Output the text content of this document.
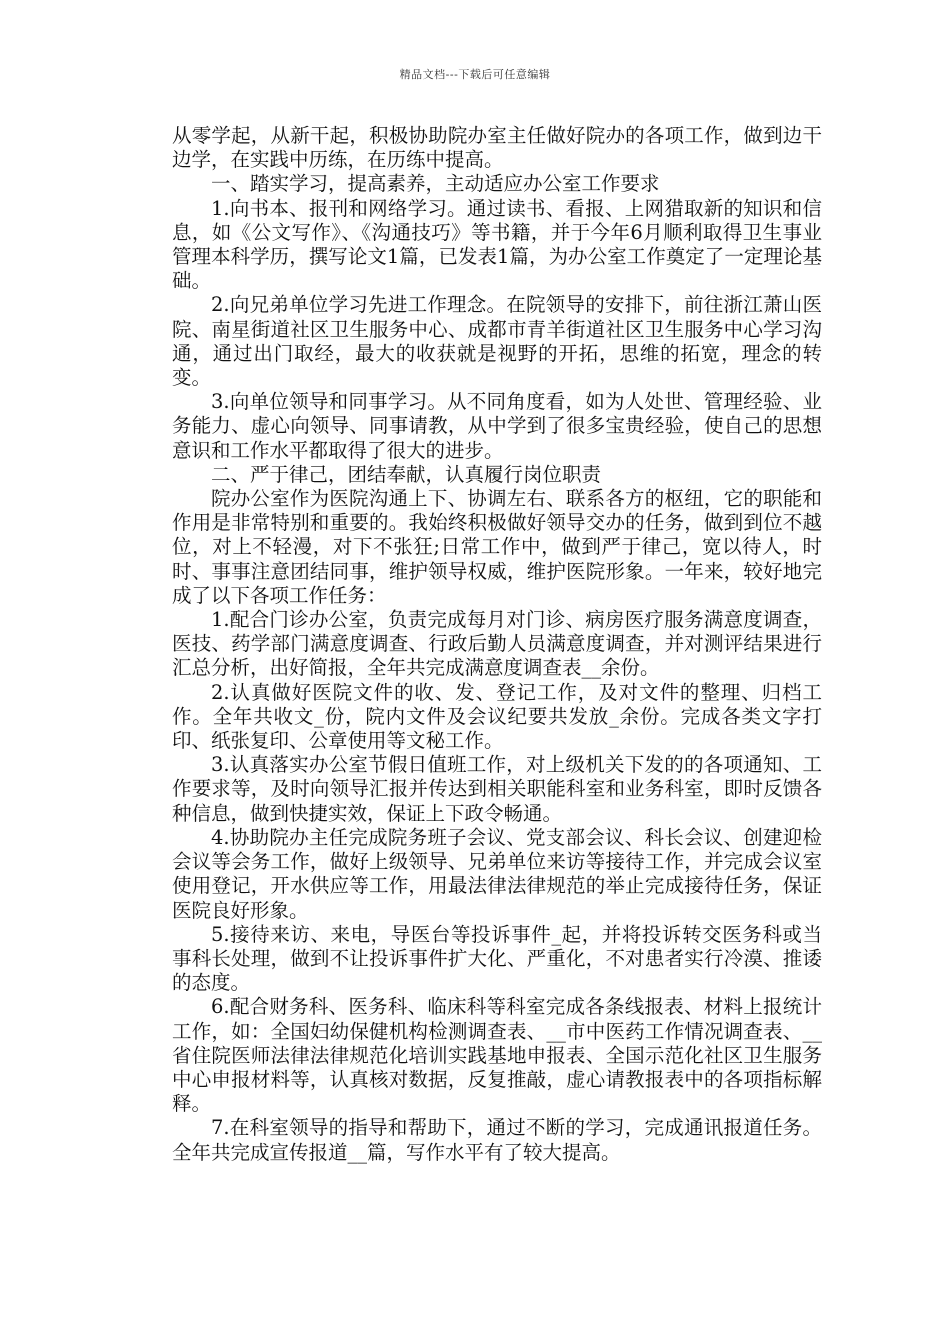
精品文档---下载后可任意编辑

从零学起，从新干起，积极协助院办室主任做好院办的各项工作，做到边干边学，在实践中历练，在历练中提高。

一、踏实学习，提高素养，主动适应办公室工作要求

1.向书本、报刊和网络学习。通过读书、看报、上网猎取新的知识和信息，如《公文写作》、《沟通技巧》等书籍，并于今年6月顺利取得卫生事业管理本科学历，撰写论文1篇，已发表1篇，为办公室工作奠定了一定理论基础。

2.向兄弟单位学习先进工作理念。在院领导的安排下，前往浙江萧山医院、南星街道社区卫生服务中心、成都市青羊街道社区卫生服务中心学习沟通，通过出门取经，最大的收获就是视野的开拓，思维的拓宽，理念的转变。

3.向单位领导和同事学习。从不同角度看，如为人处世、管理经验、业务能力、虚心向领导、同事请教，从中学到了很多宝贵经验，使自己的思想意识和工作水平都取得了很大的进步。

二、严于律己，团结奉献，认真履行岗位职责

院办公室作为医院沟通上下、协调左右、联系各方的枢纽，它的职能和作用是非常特别和重要的。我始终积极做好领导交办的任务，做到到位不越位，对上不轻漫，对下不张狂;日常工作中，做到严于律己，宽以待人，时时、事事注意团结同事，维护领导权威，维护医院形象。一年来，较好地完成了以下各项工作任务：

1.配合门诊办公室，负责完成每月对门诊、病房医疗服务满意度调查，医技、药学部门满意度调查、行政后勤人员满意度调查，并对测评结果进行汇总分析，出好简报，全年共完成满意度调查表__余份。

2.认真做好医院文件的收、发、登记工作，及对文件的整理、归档工作。全年共收文_份，院内文件及会议纪要共发放_余份。完成各类文字打印、纸张复印、公章使用等文秘工作。

3.认真落实办公室节假日值班工作，对上级机关下发的的各项通知、工作要求等，及时向领导汇报并传达到相关职能科室和业务科室，即时反馈各种信息，做到快捷实效，保证上下政令畅通。

4.协助院办主任完成院务班子会议、党支部会议、科长会议、创建迎检会议等会务工作，做好上级领导、兄弟单位来访等接待工作，并完成会议室使用登记，开水供应等工作，用最法律法律规范的举止完成接待任务，保证医院良好形象。

5.接待来访、来电，导医台等投诉事件_起，并将投诉转交医务科或当事科长处理，做到不让投诉事件扩大化、严重化，不对患者实行冷漠、推诿的态度。

6.配合财务科、医务科、临床科等科室完成各条线报表、材料上报统计工作，如：全国妇幼保健机构检测调查表、__市中医药工作情况调查表、__省住院医师法律法律规范化培训实践基地申报表、全国示范化社区卫生服务中心申报材料等，认真核对数据，反复推敲，虚心请教报表中的各项指标解释。

7.在科室领导的指导和帮助下，通过不断的学习，完成通讯报道任务。全年共完成宣传报道__篇，写作水平有了较大提高。
